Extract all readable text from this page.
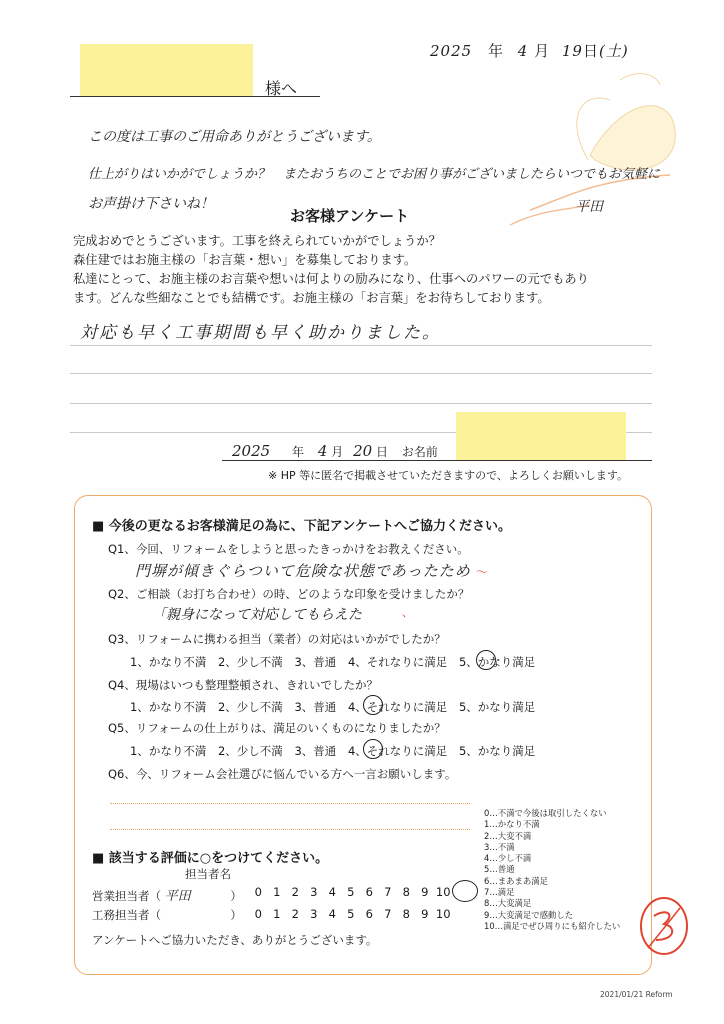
2025 年 4 月 19日(土)
様へ
この度は工事のご用命ありがとうございます。
仕上がりはいかがでしょうか？　またおうちのことでお困り事がございましたらいつでもお気軽に
お声掛け下さいね！	平田
お客様アンケート
完成おめでとうございます。工事を終えられていかがでしょうか？
森住建ではお施主様の「お言葉・想い」を募集しております。
私達にとって、お施主様のお言葉や想いは何よりの励みになり、仕事へのパワーの元でもあり
ます。どんな些細なことでも結構です。お施主様の「お言葉」をお待ちしております。
対応も早く工事期間も早く助かりました。
2025 年 4 月 20 日 お名前
※ HP 等に匿名で掲載させていただきますので、よろしくお願いします。
■ 今後の更なるお客様満足の為に、下記アンケートへご協力ください。
Q1、今回、リフォームをしようと思ったきっかけをお教えください。
門塀が傾きぐらついて危険な状態であったため 〜
Q2、ご相談（お打ち合わせ）の時、どのような印象を受けましたか？
「親身になって対応してもらえた	、
Q3、リフォームに携わる担当（業者）の対応はいかがでしたか？
1、かなり不満 2、少し不満 3、普通 4、それなりに満足 5、かなり満足
Q4、現場はいつも整理整頓され、きれいでしたか？
1、かなり不満 2、少し不満 3、普通 4、それなりに満足 5、かなり満足
Q5、リフォームの仕上がりは、満足のいくものになりましたか？
1、かなり不満 2、少し不満 3、普通 4、それなりに満足 5、かなり満足
Q6、今、リフォーム会社選びに悩んでいる方へ一言お願いします。
■ 該当する評価に○をつけてください。
担当者名
営業担当者（ 平田	）	0 1 2 3 4 5 6 7 8 9 10
工務担当者（	）	0 1 2 3 4 5 6 7 8 9 10
アンケートへご協力いただき、ありがとうございます。
0…不満で今後は取引したくない
1…かなり不満
2…大変不満
3…不満
4…少し不満
5…普通
6…まあまあ満足
7…満足
8…大変満足
9…大変満足で感動した
10…満足でぜひ周りにも紹介したい
2021/01/21 Reform
